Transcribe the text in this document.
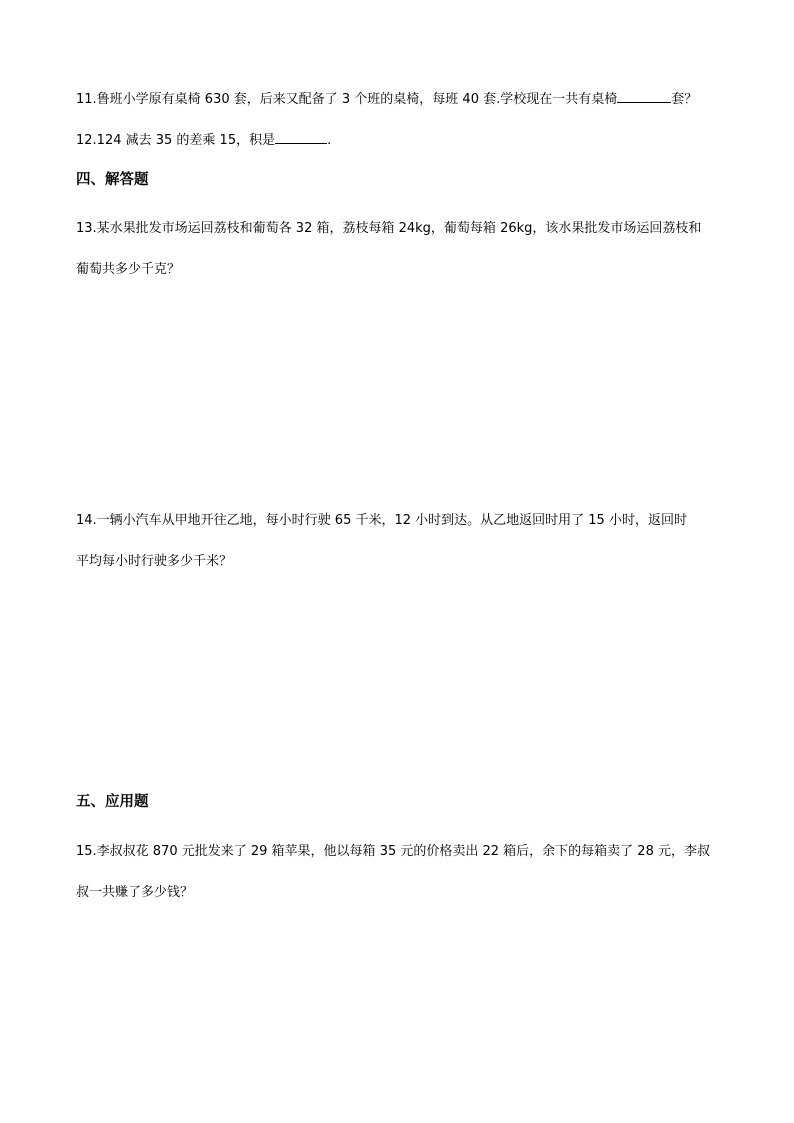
11.鲁班小学原有桌椅 630 套，后来又配备了 3 个班的桌椅，每班 40 套.学校现在一共有桌椅	套？
12.124 减去 35 的差乘 15，积是	.
四、解答题
13.某水果批发市场运回荔枝和葡萄各 32 箱，荔枝每箱 24kg，葡萄每箱 26kg，该水果批发市场运回荔枝和
葡萄共多少千克？
14.一辆小汽车从甲地开往乙地，每小时行驶 65 千米，12 小时到达。从乙地返回时用了 15 小时，返回时
平均每小时行驶多少千米？
五、应用题
15.李叔叔花 870 元批发来了 29 箱苹果，他以每箱 35 元的价格卖出 22 箱后，余下的每箱卖了 28 元，李叔
叔一共赚了多少钱？
